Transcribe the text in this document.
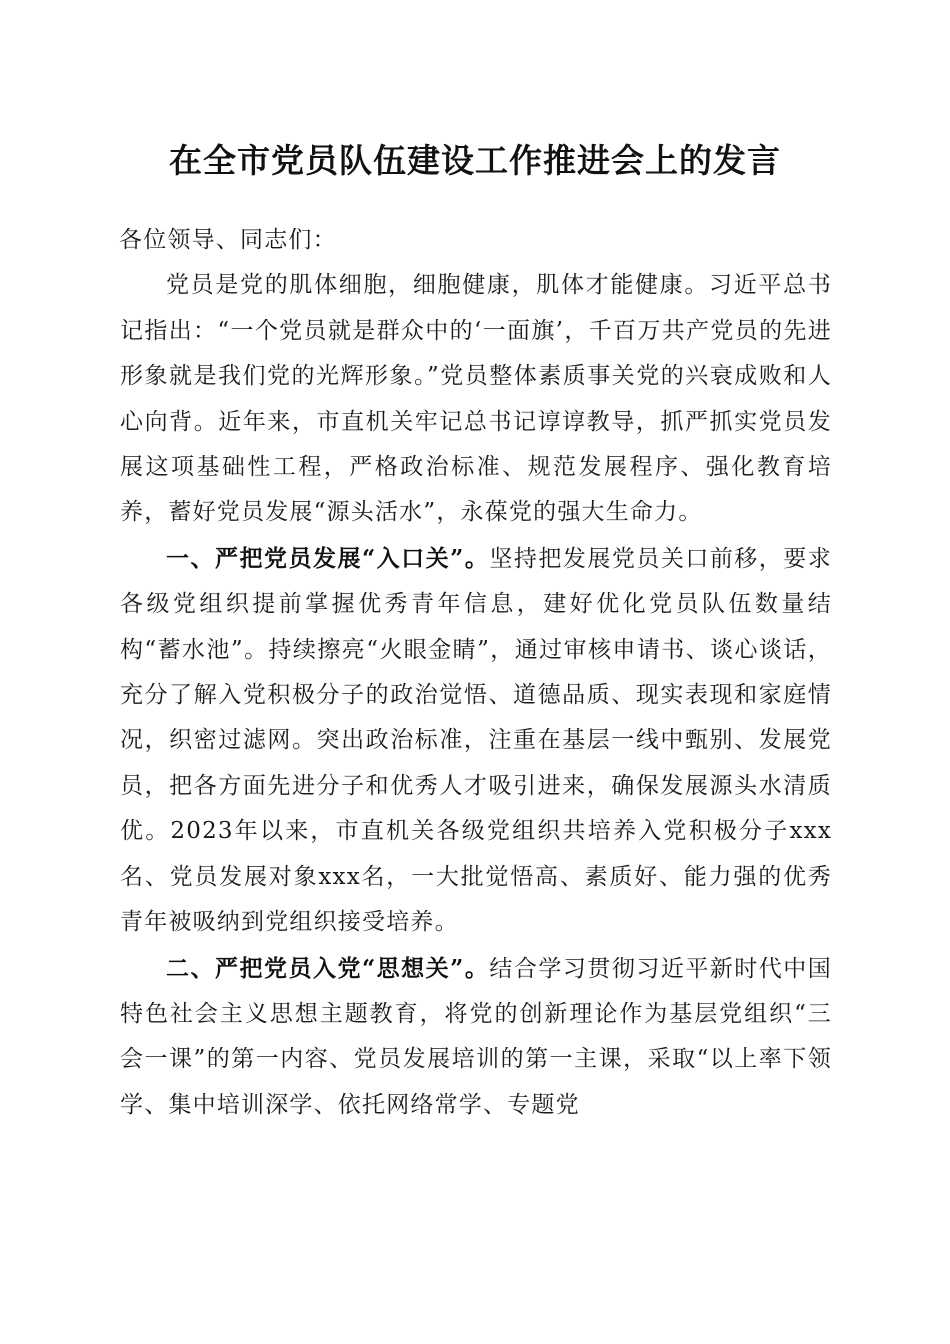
在全市党员队伍建设工作推进会上的发言

各位领导、同志们：

党员是党的肌体细胞，细胞健康，肌体才能健康。习近平总书记指出：“一个党员就是群众中的‘一面旗’，千百万共产党员的先进形象就是我们党的光辉形象。”党员整体素质事关党的兴衰成败和人心向背。近年来，市直机关牢记总书记谆谆教导，抓严抓实党员发展这项基础性工程，严格政治标准、规范发展程序、强化教育培养，蓄好党员发展“源头活水”，永葆党的强大生命力。

一、严把党员发展“入口关”。坚持把发展党员关口前移，要求各级党组织提前掌握优秀青年信息，建好优化党员队伍数量结构“蓄水池”。持续擦亮“火眼金睛”，通过审核申请书、谈心谈话，充分了解入党积极分子的政治觉悟、道德品质、现实表现和家庭情况，织密过滤网。突出政治标准，注重在基层一线中甄别、发展党员，把各方面先进分子和优秀人才吸引进来，确保发展源头水清质优。2023年以来，市直机关各级党组织共培养入党积极分子xxx名、党员发展对象xxx名，一大批觉悟高、素质好、能力强的优秀青年被吸纳到党组织接受培养。

二、严把党员入党“思想关”。结合学习贯彻习近平新时代中国特色社会主义思想主题教育，将党的创新理论作为基层党组织“三会一课”的第一内容、党员发展培训的第一主课，采取“以上率下领学、集中培训深学、依托网络常学、专题党
